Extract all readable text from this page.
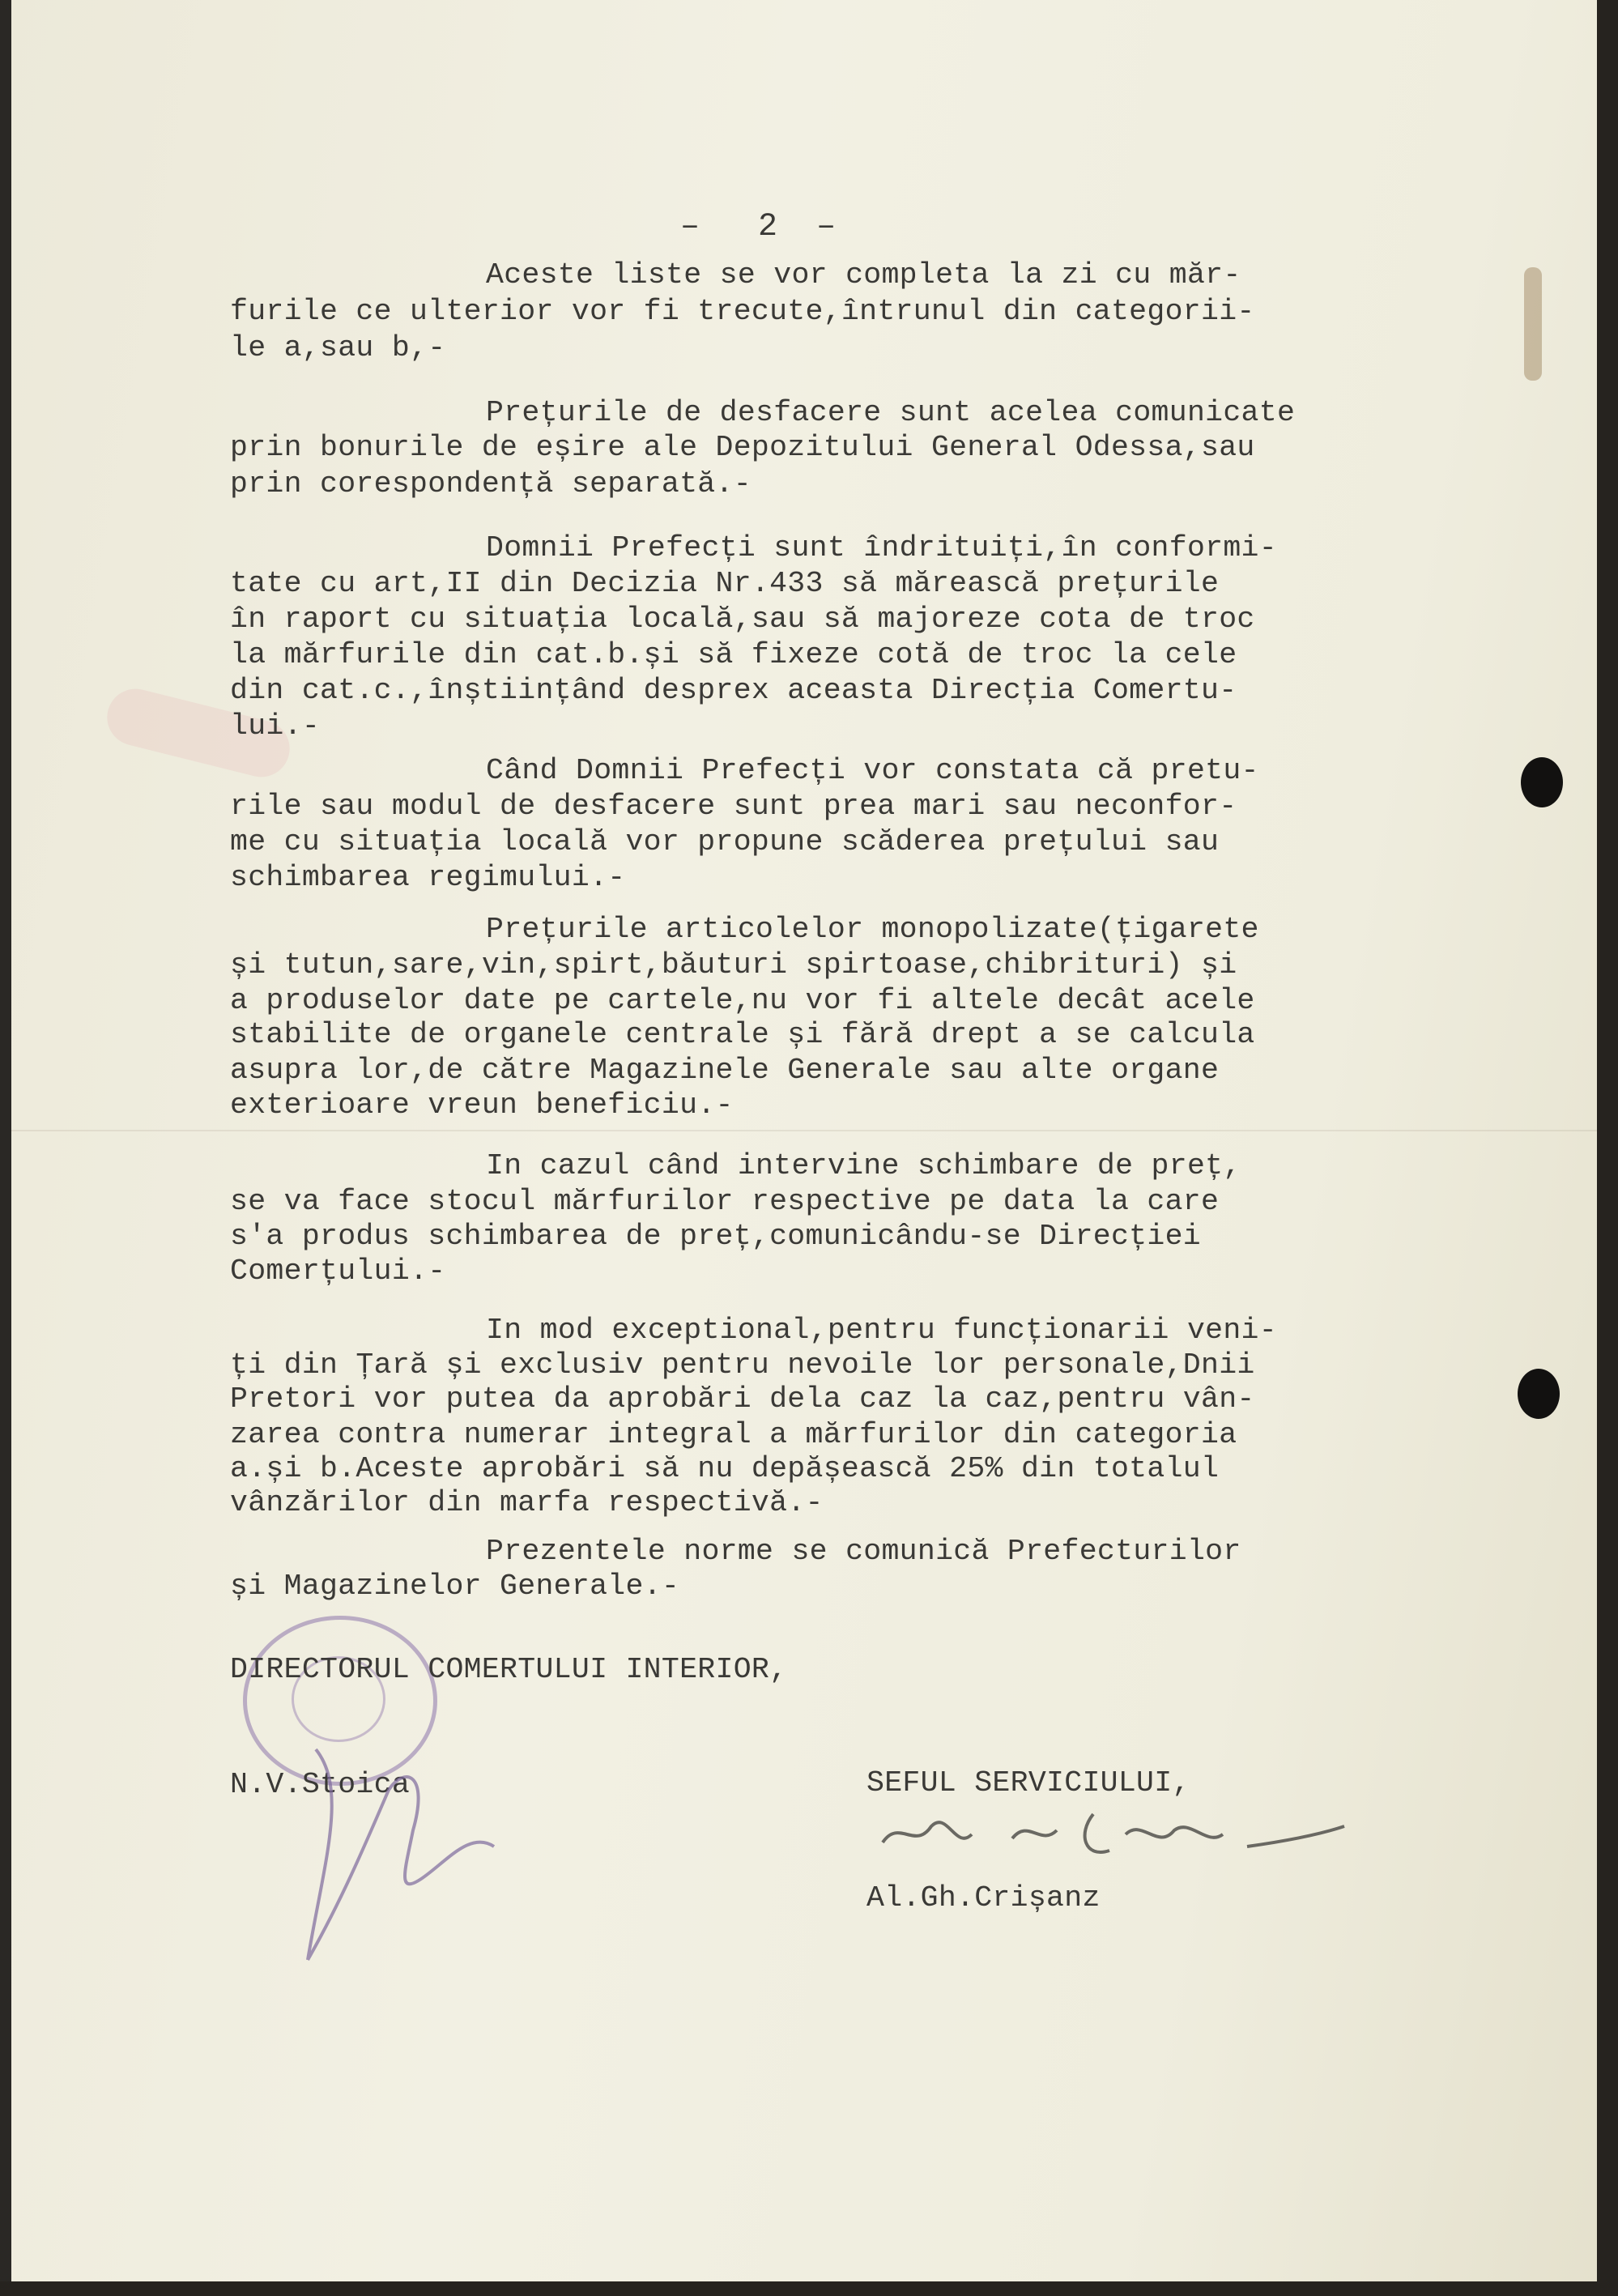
– 2 –
Aceste liste se vor completa la zi cu măr-
furile ce ulterior vor fi trecute,întrunul din categorii-
le a,sau b,-
Prețurile de desfacere sunt acelea comunicate
prin bonurile de eșire ale Depozitului General Odessa,sau
prin corespondență separată.-
Domnii Prefecți sunt îndrituiți,în conformi-
tate cu art,II din Decizia Nr.433 să mărească prețurile
în raport cu situația locală,sau să majoreze cota de troc
la mărfurile din cat.b.și să fixeze cotă de troc la cele
din cat.c.,înștiințând desprex aceasta Direcția Comertu-
lui.-
Când Domnii Prefecți vor constata că pretu-
rile sau modul de desfacere sunt prea mari sau neconfor-
me cu situația locală vor propune scăderea prețului sau
schimbarea regimului.-
Prețurile articolelor monopolizate(țigarete
și tutun,sare,vin,spirt,băuturi spirtoase,chibrituri) și
a produselor date pe cartele,nu vor fi altele decât acele
stabilite de organele centrale și fără drept a se calcula
asupra lor,de către Magazinele Generale sau alte organe
exterioare vreun beneficiu.-
In cazul când intervine schimbare de preț,
se va face stocul mărfurilor respective pe data la care
s'a produs schimbarea de preț,comunicându-se Direcției
Comerțului.-
In mod exceptional,pentru funcționarii veni-
ți din Țară și exclusiv pentru nevoile lor personale,Dnii
Pretori vor putea da aprobări dela caz la caz,pentru vân-
zarea contra numerar integral a mărfurilor din categoria
a.și b.Aceste aprobări să nu depășească 25% din totalul
vânzărilor din marfa respectivă.-
Prezentele norme se comunică Prefecturilor
și Magazinelor Generale.-
DIRECTORUL COMERTULUI INTERIOR,
N.V.Stoica	SEFUL SERVICIULUI,
Al.Gh.Crișanz
